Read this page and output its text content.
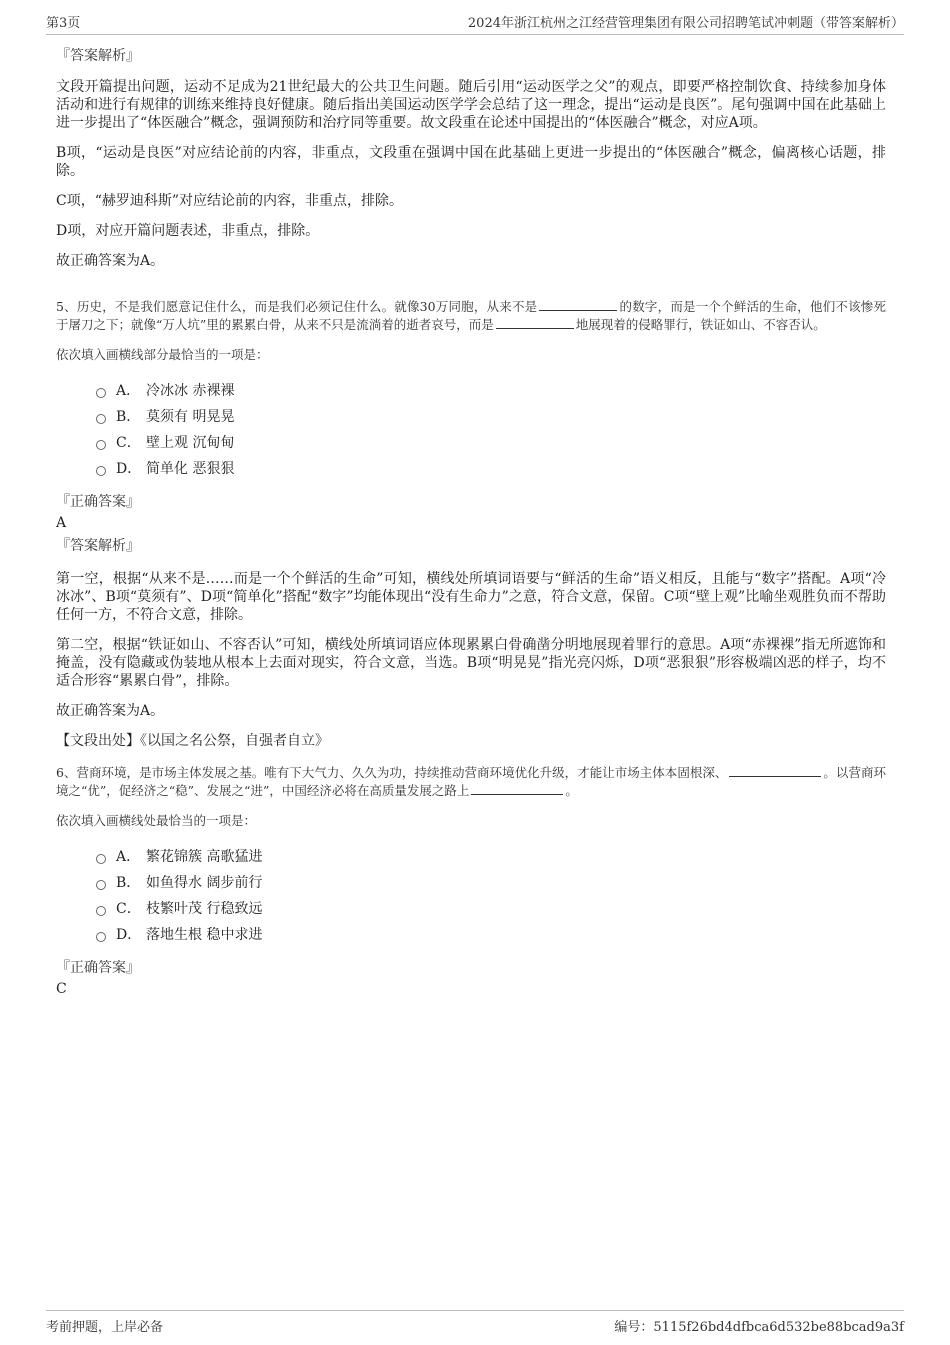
第3页	2024年浙江杭州之江经营管理集团有限公司招聘笔试冲刺题（带答案解析）
『答案解析』

文段开篇提出问题，运动不足成为21世纪最大的公共卫生问题。随后引用“运动医学之父”的观点，即要严格控制饮食、持续参加身体活动和进行有规律的训练来维持良好健康。随后指出美国运动医学学会总结了这一理念，提出“运动是良医”。尾句强调中国在此基础上进一步提出了“体医融合”概念，强调预防和治疗同等重要。故文段重在论述中国提出的“体医融合”概念，对应A项。

B项，“运动是良医”对应结论前的内容，非重点，文段重在强调中国在此基础上更进一步提出的“体医融合”概念，偏离核心话题，排除。

C项，“赫罗迪科斯”对应结论前的内容，非重点，排除。

D项，对应开篇问题表述，非重点，排除。

故正确答案为A。

5、历史，不是我们愿意记住什么，而是我们必须记住什么。就像30万同胞，从来不是	的数字，而是一个个鲜活的生命，他们不该惨死于屠刀之下；就像“万人坑”里的累累白骨，从来不只是流淌着的逝者哀号，而是	地展现着的侵略罪行，铁证如山、不容否认。

依次填入画横线部分最恰当的一项是：

A． 冷冰冰 赤裸裸
B． 莫须有 明晃晃
C． 壁上观 沉甸甸
D． 简单化 恶狠狠
『正确答案』
A
『答案解析』

第一空，根据“从来不是……而是一个个鲜活的生命”可知，横线处所填词语要与“鲜活的生命”语义相反，且能与“数字”搭配。A项“冷冰冰”、B项“莫须有”、D项“简单化”搭配“数字”均能体现出“没有生命力”之意，符合文意，保留。C项“壁上观”比喻坐观胜负而不帮助任何一方，不符合文意，排除。

第二空，根据“铁证如山、不容否认”可知，横线处所填词语应体现累累白骨确凿分明地展现着罪行的意思。A项“赤裸裸”指无所遮饰和掩盖，没有隐藏或伪装地从根本上去面对现实，符合文意，当选。B项“明晃晃”指光亮闪烁，D项“恶狠狠”形容极端凶恶的样子，均不适合形容“累累白骨”，排除。

故正确答案为A。

【文段出处】《以国之名公祭，自强者自立》

6、营商环境，是市场主体发展之基。唯有下大气力、久久为功，持续推动营商环境优化升级，才能让市场主体本固根深、	。以营商环境之“优”，促经济之“稳”、发展之“进”，中国经济必将在高质量发展之路上	。

依次填入画横线处最恰当的一项是：

A． 繁花锦簇 高歌猛进
B． 如鱼得水 阔步前行
C． 枝繁叶茂 行稳致远
D． 落地生根 稳中求进
『正确答案』
C
考前押题，上岸必备	编号：5115f26bd4dfbca6d532be88bcad9a3f
